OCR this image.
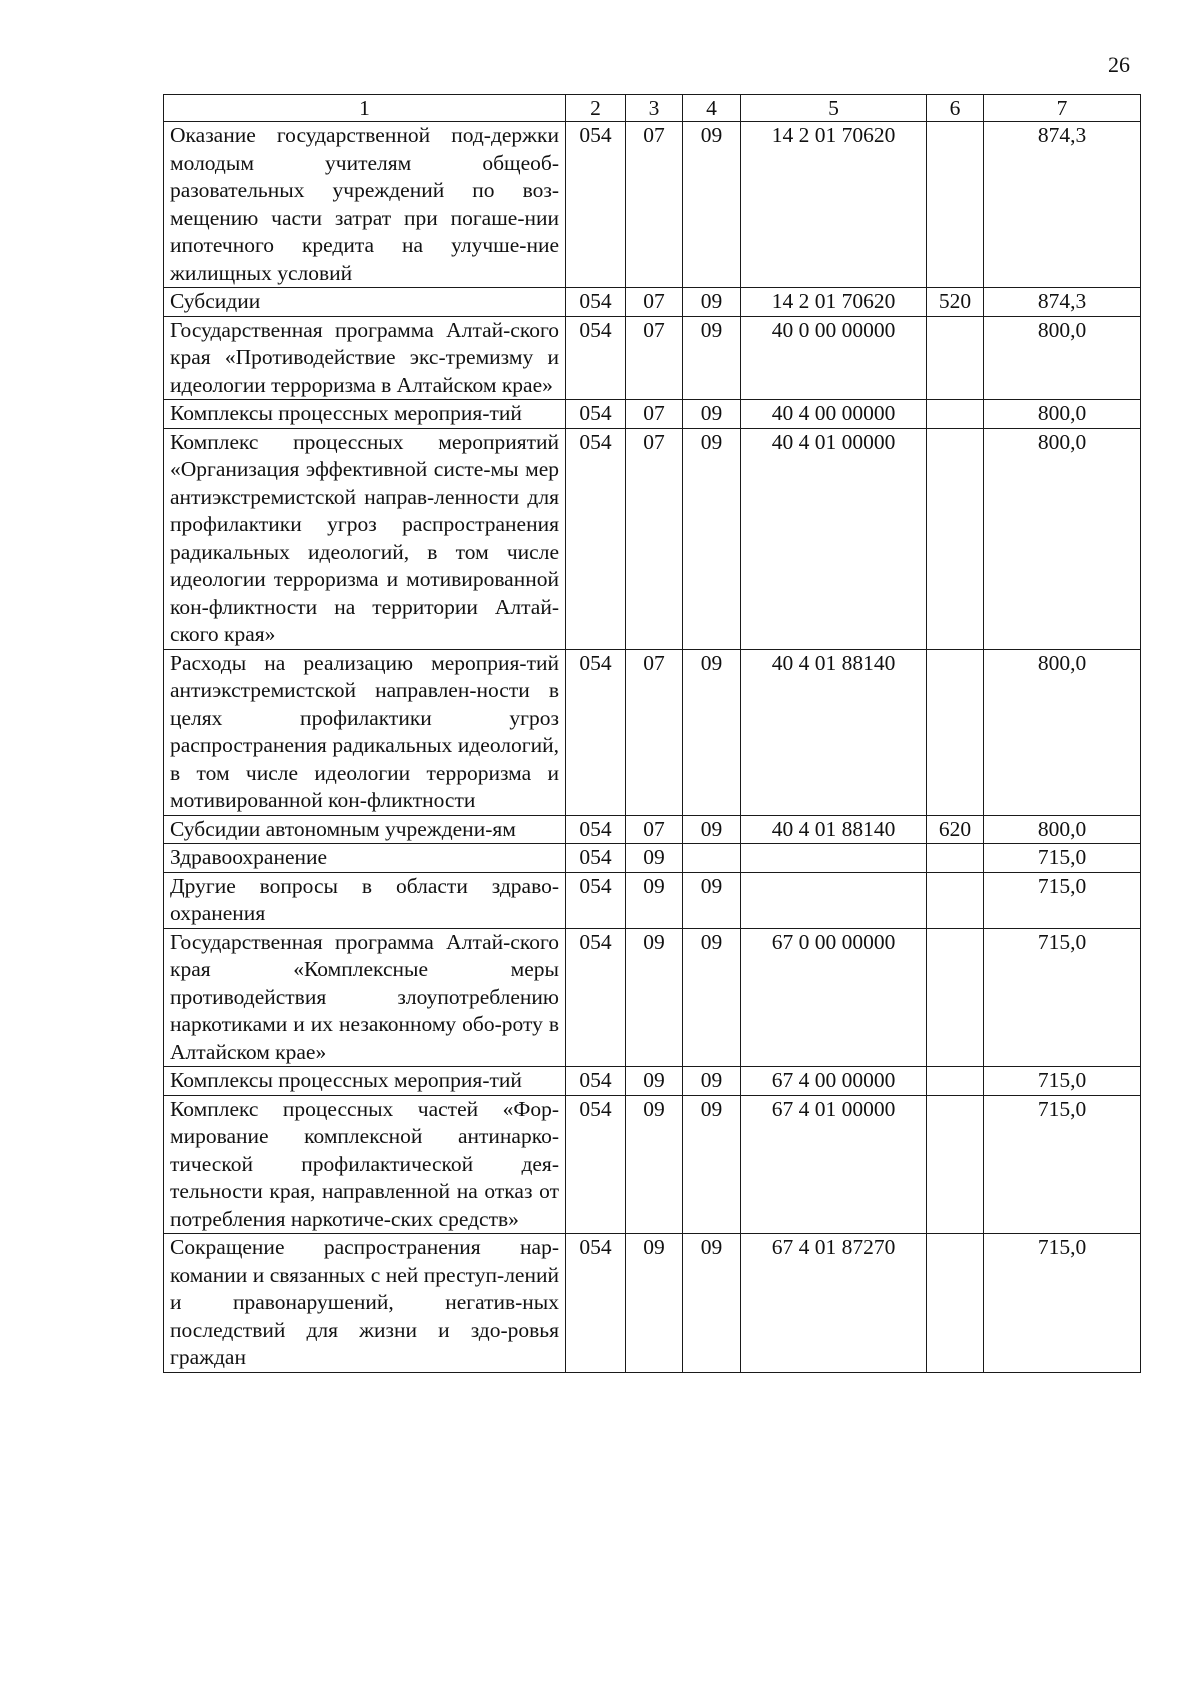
26
1	2	3	4	5	6	7
Оказание государственной под-держки молодым учителям общеоб-разовательных учреждений по воз-мещению части затрат при погаше-нии ипотечного кредита на улучше-ние жилищных условий	054	07	09	14 2 01 70620		874,3
Субсидии	054	07	09	14 2 01 70620	520	874,3
Государственная программа Алтай-ского края «Противодействие экс-тремизму и идеологии терроризма в Алтайском крае»	054	07	09	40 0 00 00000		800,0
Комплексы процессных мероприя-тий	054	07	09	40 4 00 00000		800,0
Комплекс процессных мероприятий «Организация эффективной систе-мы мер антиэкстремистской направ-ленности для профилактики угроз распространения радикальных идеологий, в том числе идеологии терроризма и мотивированной кон-фликтности на территории Алтай-ского края»	054	07	09	40 4 01 00000		800,0
Расходы на реализацию мероприя-тий антиэкстремистской направлен-ности в целях профилактики угроз распространения радикальных идеологий, в том числе идеологии терроризма и мотивированной кон-фликтности	054	07	09	40 4 01 88140		800,0
Субсидии автономным учреждени-ям	054	07	09	40 4 01 88140	620	800,0
Здравоохранение	054	09				715,0
Другие вопросы в области здраво-охранения	054	09	09			715,0
Государственная программа Алтай-ского края «Комплексные меры противодействия злоупотреблению наркотиками и их незаконному обо-роту в Алтайском крае»	054	09	09	67 0 00 00000		715,0
Комплексы процессных мероприя-тий	054	09	09	67 4 00 00000		715,0
Комплекс процессных частей «Фор-мирование комплексной антинарко-тической профилактической дея-тельности края, направленной на отказ от потребления наркотиче-ских средств»	054	09	09	67 4 01 00000		715,0
Сокращение распространения нар-комании и связанных с ней преступ-лений и правонарушений, негатив-ных последствий для жизни и здо-ровья граждан	054	09	09	67 4 01 87270		715,0
